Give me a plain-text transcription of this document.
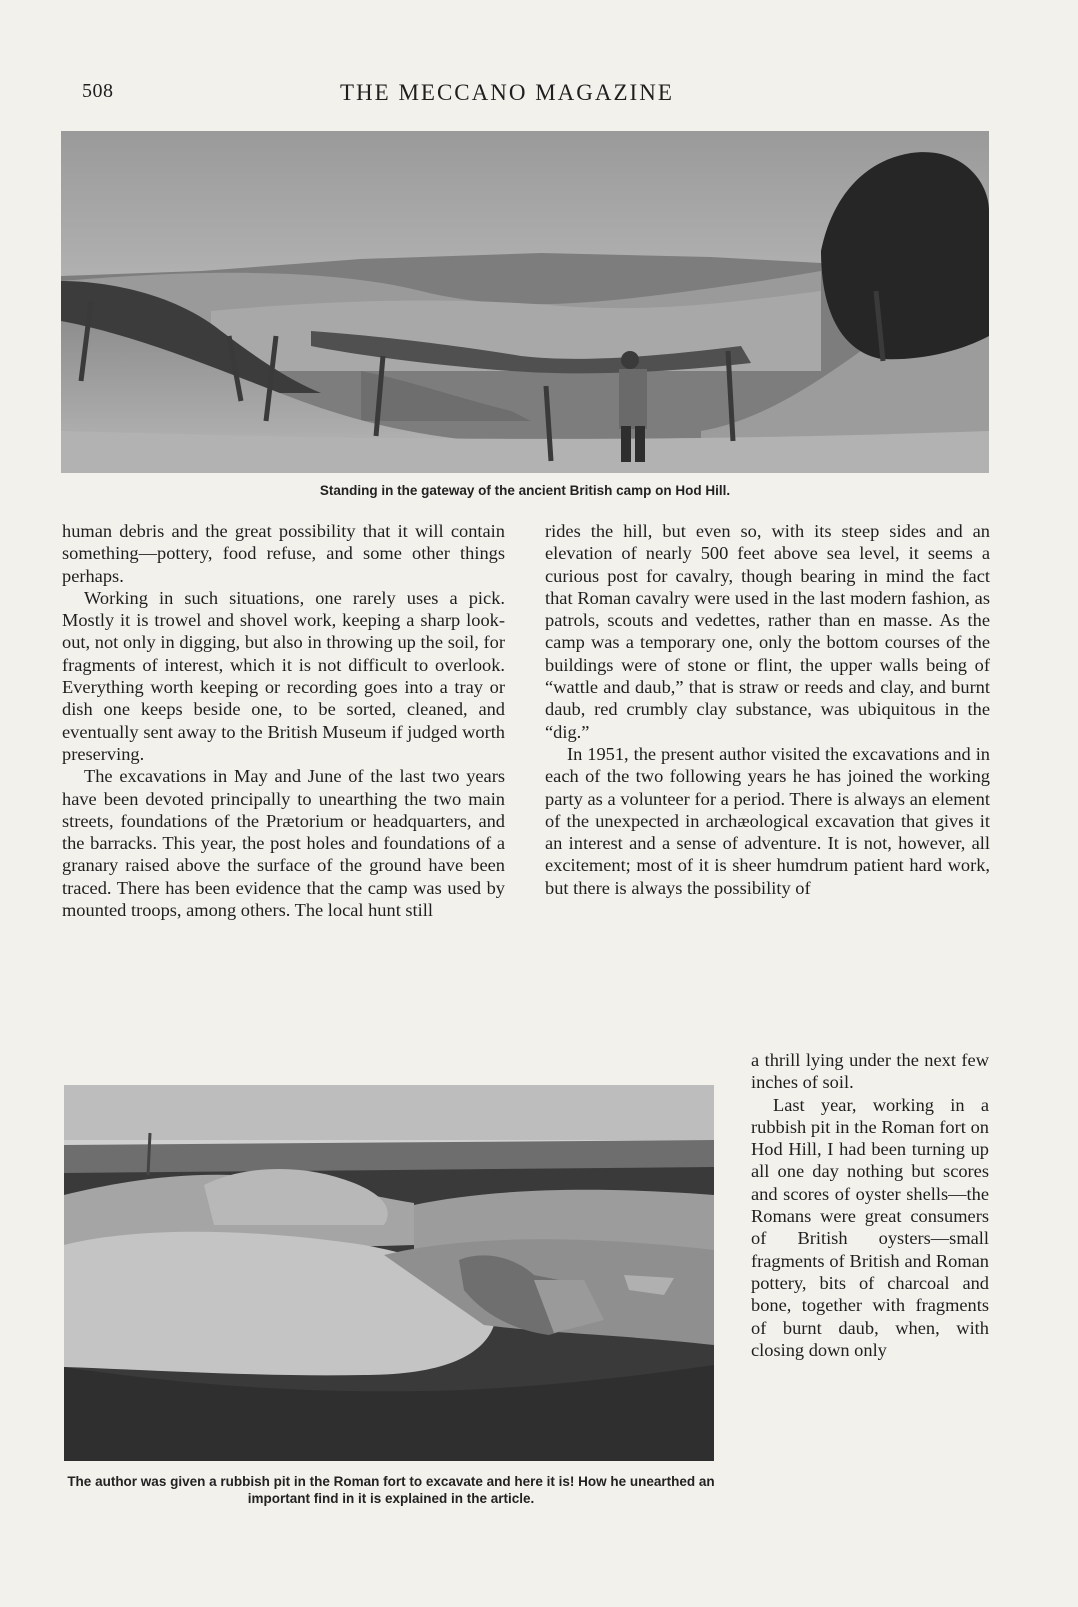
508	THE MECCANO MAGAZINE
Standing in the gateway of the ancient British camp on Hod Hill.

human debris and the great possibility that it will contain something—pottery, food refuse, and some other things perhaps.

Working in such situations, one rarely uses a pick. Mostly it is trowel and shovel work, keeping a sharp look-out, not only in digging, but also in throwing up the soil, for fragments of interest, which it is not difficult to overlook. Everything worth keeping or recording goes into a tray or dish one keeps beside one, to be sorted, cleaned, and eventually sent away to the British Museum if judged worth preserving.

The excavations in May and June of the last two years have been devoted principally to unearthing the two main streets, foundations of the Prætorium or headquarters, and the barracks. This year, the post holes and foundations of a granary raised above the surface of the ground have been traced. There has been evidence that the camp was used by mounted troops, among others. The local hunt still

rides the hill, but even so, with its steep sides and an elevation of nearly 500 feet above sea level, it seems a curious post for cavalry, though bearing in mind the fact that Roman cavalry were used in the last modern fashion, as patrols, scouts and vedettes, rather than en masse. As the camp was a temporary one, only the bottom courses of the buildings were of stone or flint, the upper walls being of “wattle and daub,” that is straw or reeds and clay, and burnt daub, red crumbly clay substance, was ubiquitous in the “dig.”

In 1951, the present author visited the excavations and in each of the two following years he has joined the working party as a volunteer for a period. There is always an element of the unexpected in archæological excavation that gives it an interest and a sense of adventure. It is not, however, all excitement; most of it is sheer humdrum patient hard work, but there is always the possibility of

The author was given a rubbish pit in the Roman fort to excavate and here it is! How he unearthed an important find in it is explained in the article.

a thrill lying under the next few inches of soil.

Last year, working in a rubbish pit in the Roman fort on Hod Hill, I had been turning up all one day nothing but scores and scores of oyster shells—the Romans were great consumers of British oysters—small fragments of British and Roman pottery, bits of charcoal and bone, together with fragments of burnt daub, when, with closing down only
